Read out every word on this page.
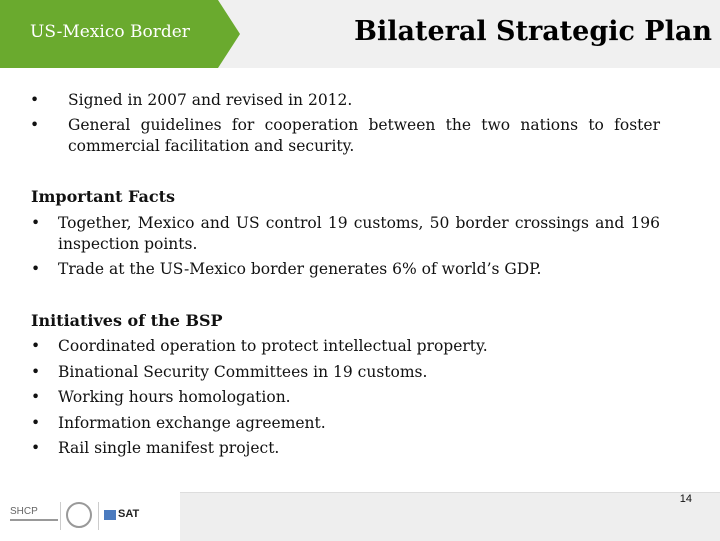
US-Mexico Border	Bilateral Strategic Plan
• Signed in 2007 and revised in 2012.
• General guidelines for cooperation between the two nations to foster commercial facilitation and security.
Important Facts
• Together, Mexico and US control 19 customs, 50 border crossings and 196 inspection points.
• Trade at the US-Mexico border generates 6% of world’s GDP.
Initiatives of the BSP
• Coordinated operation to protect intellectual property.
• Binational Security Committees in 19 customs.
• Working hours homologation.
• Information exchange agreement.
• Rail single manifest project.
SHCP	SAT
14
